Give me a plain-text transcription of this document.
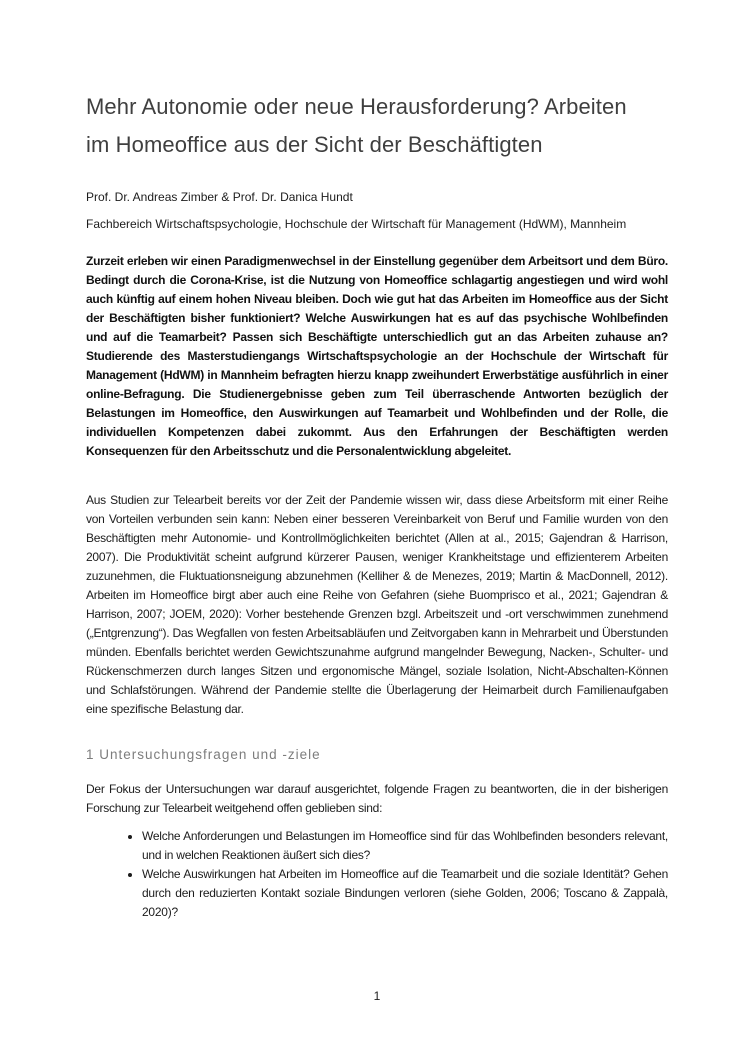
Mehr Autonomie oder neue Herausforderung? Arbeiten im Homeoffice aus der Sicht der Beschäftigten

Prof. Dr. Andreas Zimber & Prof. Dr. Danica Hundt

Fachbereich Wirtschaftspsychologie, Hochschule der Wirtschaft für Management (HdWM), Mannheim

Zurzeit erleben wir einen Paradigmenwechsel in der Einstellung gegenüber dem Arbeitsort und dem Büro. Bedingt durch die Corona-Krise, ist die Nutzung von Homeoffice schlagartig angestiegen und wird wohl auch künftig auf einem hohen Niveau bleiben. Doch wie gut hat das Arbeiten im Homeoffice aus der Sicht der Beschäftigten bisher funktioniert? Welche Auswirkungen hat es auf das psychische Wohlbefinden und auf die Teamarbeit? Passen sich Beschäftigte unterschiedlich gut an das Arbeiten zuhause an? Studierende des Masterstudiengangs Wirtschaftspsychologie an der Hochschule der Wirtschaft für Management (HdWM) in Mannheim befragten hierzu knapp zweihundert Erwerbstätige ausführlich in einer online-Befragung. Die Studienergebnisse geben zum Teil überraschende Antworten bezüglich der Belastungen im Homeoffice, den Auswirkungen auf Teamarbeit und Wohlbefinden und der Rolle, die individuellen Kompetenzen dabei zukommt. Aus den Erfahrungen der Beschäftigten werden Konsequenzen für den Arbeitsschutz und die Personalentwicklung abgeleitet.

Aus Studien zur Telearbeit bereits vor der Zeit der Pandemie wissen wir, dass diese Arbeitsform mit einer Reihe von Vorteilen verbunden sein kann: Neben einer besseren Vereinbarkeit von Beruf und Familie wurden von den Beschäftigten mehr Autonomie- und Kontrollmöglichkeiten berichtet (Allen at al., 2015; Gajendran & Harrison, 2007). Die Produktivität scheint aufgrund kürzerer Pausen, weniger Krankheitstage und effizienterem Arbeiten zuzunehmen, die Fluktuationsneigung abzunehmen (Kelliher & de Menezes, 2019; Martin & MacDonnell, 2012). Arbeiten im Homeoffice birgt aber auch eine Reihe von Gefahren (siehe Buomprisco et al., 2021; Gajendran & Harrison, 2007; JOEM, 2020): Vorher bestehende Grenzen bzgl. Arbeitszeit und -ort verschwimmen zunehmend („Entgrenzung“). Das Wegfallen von festen Arbeitsabläufen und Zeitvorgaben kann in Mehrarbeit und Überstunden münden. Ebenfalls berichtet werden Gewichtszunahme aufgrund mangelnder Bewegung, Nacken-, Schulter- und Rückenschmerzen durch langes Sitzen und ergonomische Mängel, soziale Isolation, Nicht-Abschalten-Können und Schlafstörungen. Während der Pandemie stellte die Überlagerung der Heimarbeit durch Familienaufgaben eine spezifische Belastung dar.

1 Untersuchungsfragen und -ziele

Der Fokus der Untersuchungen war darauf ausgerichtet, folgende Fragen zu beantworten, die in der bisherigen Forschung zur Telearbeit weitgehend offen geblieben sind:

• Welche Anforderungen und Belastungen im Homeoffice sind für das Wohlbefinden besonders relevant, und in welchen Reaktionen äußert sich dies?
• Welche Auswirkungen hat Arbeiten im Homeoffice auf die Teamarbeit und die soziale Identität? Gehen durch den reduzierten Kontakt soziale Bindungen verloren (siehe Golden, 2006; Toscano & Zappalà, 2020)?
1
